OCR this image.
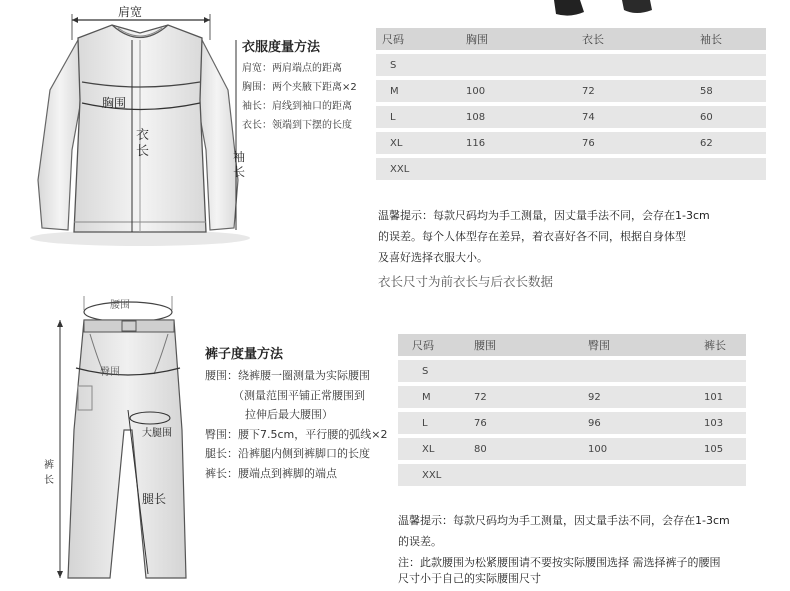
肩宽
胸围
衣长	袖长
衣服度量方法
肩宽：两肩端点的距离
胸围：两个夹腋下距离×2
袖长：肩线到袖口的距离
衣长：领端到下摆的长度
尺码	胸围	衣长	袖长
S			
M	100	72	58
L	108	74	60
XL	116	76	62
XXL			
温馨提示：每款尺码均为手工测量，因丈量手法不同，会存在1-3cm
的误差。每个人体型存在差异，着衣喜好各不同，根据自身体型
及喜好选择衣服大小。
衣长尺寸为前衣长与后衣长数据
腰围
臀围
大腿围
腿长
裤
长
裤子度量方法
腰围：绕裤腰一圈测量为实际腰围
（测量范围平铺正常腰围到
拉伸后最大腰围）
臀围：腰下7.5cm，平行腰的弧线×2
腿长：沿裤腿内侧到裤脚口的长度
裤长：腰端点到裤脚的端点
尺码	腰围	臀围	裤长
S			
M	72	92	101
L	76	96	103
XL	80	100	105
XXL			
温馨提示：每款尺码均为手工测量，因丈量手法不同，会存在1-3cm
的误差。
注：此款腰围为松紧腰围请不要按实际腰围选择 需选择裤子的腰围
尺寸小于自己的实际腰围尺寸
